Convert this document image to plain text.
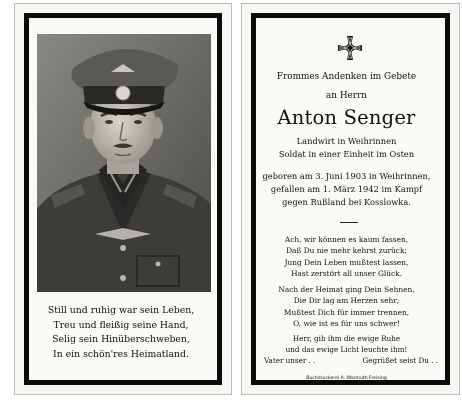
Still und ruhig war sein Leben,
Treu und fleißig seine Hand,
Selig sein Hinüberschweben,
In ein schön'res Heimatland.
Frommes Andenken im Gebete
an Herrn
Anton Senger
Landwirt in Weihrinnen
Soldat in einer Einheit im Osten
geboren am 3. Juni 1903 in Weihrinnen,
gefallen am 1. März 1942 im Kampf
gegen Rußland bei Kosslowka.
Ach, wir können es kaum fassen,
Daß Du nie mehr kehrst zurück;
Jung Dein Leben mußtest lassen,
Hast zerstört all unser Glück.
Nach der Heimat ging Dein Sehnen,
Die Dir lag am Herzen sehr;
Mußtest Dich für immer trennen,
O, wie ist es für uns schwer!
Herr, gib ihm die ewige Ruhe
und das ewige Licht leuchte ihm!
Vater unser . .	Gegrüßet seist Du . .
Buchdruckerei A. Warmuth Freising
